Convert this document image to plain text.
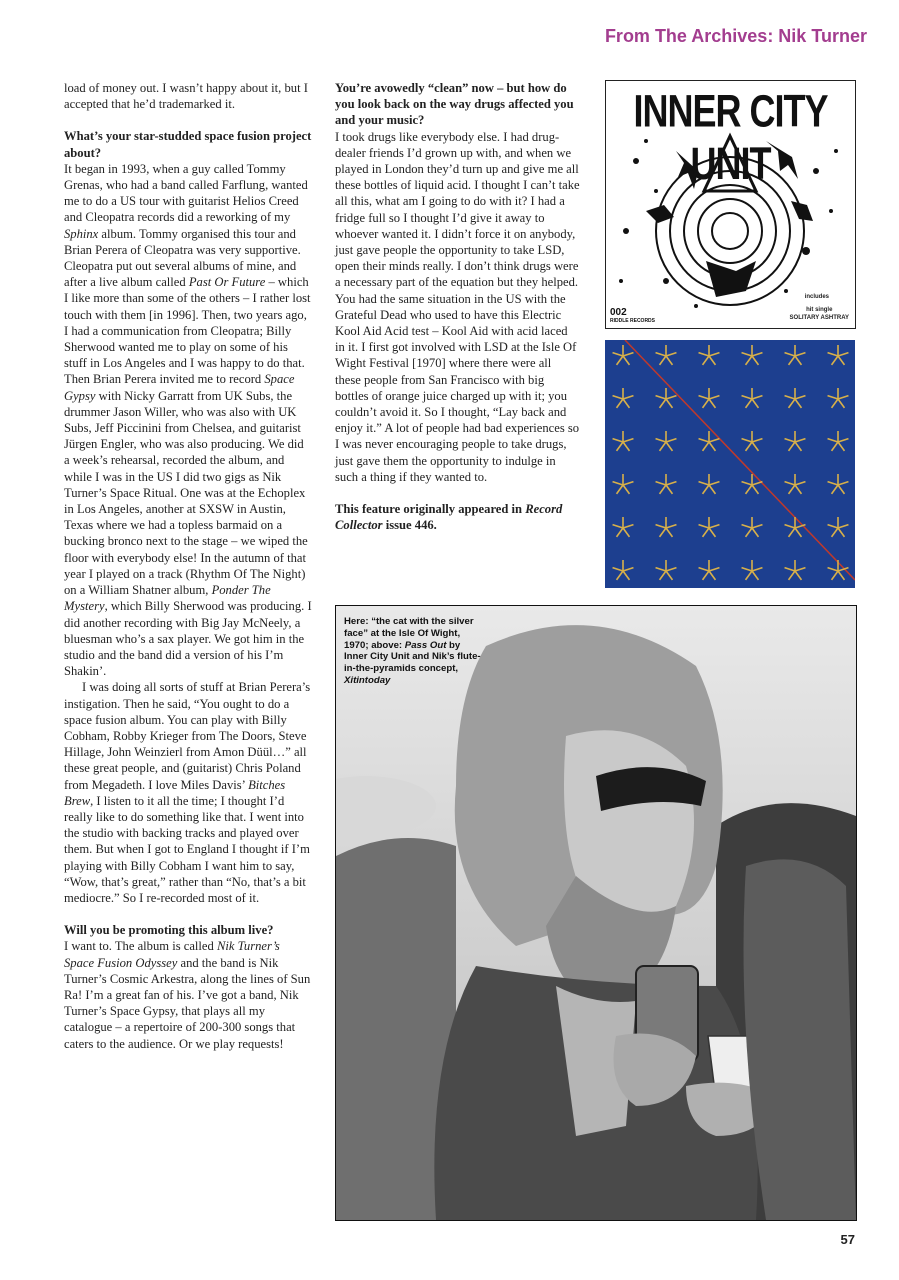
From The Archives: Nik Turner

load of money out. I wasn’t happy about it, but I accepted that he’d trademarked it.

What’s your star-studded space fusion project about?

It began in 1993, when a guy called Tommy Grenas, who had a band called Farflung, wanted me to do a US tour with guitarist Helios Creed and Cleopatra records did a reworking of my Sphinx album. Tommy organised this tour and Brian Perera of Cleopatra was very supportive. Cleopatra put out several albums of mine, and after a live album called Past Or Future – which I like more than some of the others – I rather lost touch with them [in 1996]. Then, two years ago, I had a communication from Cleopatra; Billy Sherwood wanted me to play on some of his stuff in Los Angeles and I was happy to do that. Then Brian Perera invited me to record Space Gypsy with Nicky Garratt from UK Subs, the drummer Jason Willer, who was also with UK Subs, Jeff Piccinini from Chelsea, and guitarist Jürgen Engler, who was also producing. We did a week’s rehearsal, recorded the album, and while I was in the US I did two gigs as Nik Turner’s Space Ritual. One was at the Echoplex in Los Angeles, another at SXSW in Austin, Texas where we had a topless barmaid on a bucking bronco next to the stage – we wiped the floor with everybody else! In the autumn of that year I played on a track (Rhythm Of The Night) on a William Shatner album, Ponder The Mystery, which Billy Sherwood was producing. I did another recording with Big Jay McNeely, a bluesman who’s a sax player. We got him in the studio and the band did a version of his I’m Shakin’.

I was doing all sorts of stuff at Brian Perera’s instigation. Then he said, “You ought to do a space fusion album. You can play with Billy Cobham, Robby Krieger from The Doors, Steve Hillage, John Weinzierl from Amon Düül…” all these great people, and (guitarist) Chris Poland from Megadeth. I love Miles Davis’ Bitches Brew, I listen to it all the time; I thought I’d really like to do something like that. I went into the studio with backing tracks and played over them. But when I got to England I thought if I’m playing with Billy Cobham I want him to say, “Wow, that’s great,” rather than “No, that’s a bit mediocre.” So I re-recorded most of it.

Will you be promoting this album live?

I want to. The album is called Nik Turner’s Space Fusion Odyssey and the band is Nik Turner’s Cosmic Arkestra, along the lines of Sun Ra! I’m a great fan of his. I’ve got a band, Nik Turner’s Space Gypsy, that plays all my catalogue – a repertoire of 200-300 songs that caters to the audience. Or we play requests!

You’re avowedly “clean” now – but how do you look back on the way drugs affected you and your music?

I took drugs like everybody else. I had drug-dealer friends I’d grown up with, and when we played in London they’d turn up and give me all these bottles of liquid acid. I thought I can’t take all this, what am I going to do with it? I had a fridge full so I thought I’d give it away to whoever wanted it. I didn’t force it on anybody, just gave people the opportunity to take LSD, open their minds really. I don’t think drugs were a necessary part of the equation but they helped. You had the same situation in the US with the Grateful Dead who used to have this Electric Kool Aid Acid test – Kool Aid with acid laced in it. I first got involved with LSD at the Isle Of Wight Festival [1970] where there were all these people from San Francisco with big bottles of orange juice charged up with it; you couldn’t avoid it. So I thought, “Lay back and enjoy it.” A lot of people had bad experiences so I was never encouraging people to take drugs, just gave them the opportunity to indulge in such a thing if they wanted to.

This feature originally appeared in Record Collector issue 446.

INNER CITY UNIT
002
RIDDLE RECORDS
includes
hit single
SOLITARY ASHTRAY
Here: “the cat with the silver face” at the Isle Of Wight, 1970; above: Pass Out by Inner City Unit and Nik’s flute-in-the-pyramids concept, Xitintoday
57
